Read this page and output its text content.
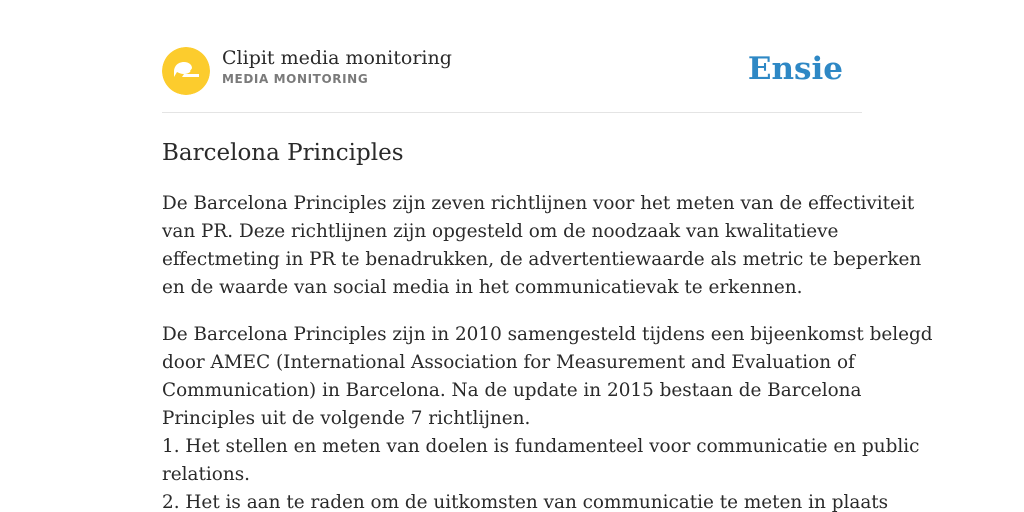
Clipit media monitoring
MEDIA MONITORING	Ensie
Barcelona Principles

De Barcelona Principles zijn zeven richtlijnen voor het meten van de effectiviteit
van PR. Deze richtlijnen zijn opgesteld om de noodzaak van kwalitatieve
effectmeting in PR te benadrukken, de advertentiewaarde als metric te beperken
en de waarde van social media in het communicatievak te erkennen.

De Barcelona Principles zijn in 2010 samengesteld tijdens een bijeenkomst belegd
door AMEC (International Association for Measurement and Evaluation of
Communication) in Barcelona. Na de update in 2015 bestaan de Barcelona
Principles uit de volgende 7 richtlijnen.
1. Het stellen en meten van doelen is fundamenteel voor communicatie en public
relations.
2. Het is aan te raden om de uitkomsten van communicatie te meten in plaats
